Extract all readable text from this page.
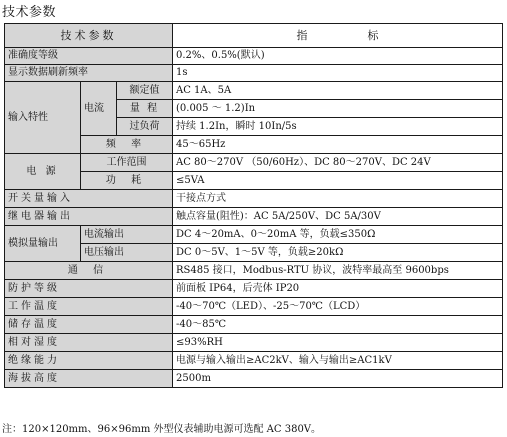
技术参数
技术参数			指 标
准确度等级			0.2%、0.5%(默认)
显示数据刷新频率			1s
输入特性	电流	额定值	AC 1A、5A
		量 程	(0.005 ～ 1.2)In
		过负荷	持续 1.2In，瞬时 10In/5s
	频 率		45～65Hz
电 源	工作范围		AC 80～270V （50/60Hz）、DC 80～270V、DC 24V
	功 耗		≤5VA
开关量输入			干接点方式
继电器输出			触点容量(阻性)：AC 5A/250V、DC 5A/30V
模拟量输出	电流输出		DC 4～20mA、0～20mA 等，负载≤350Ω
	电压输出		DC 0～5V、1～5V 等，负载≥20kΩ
通 信			RS485 接口，Modbus-RTU 协议，波特率最高至 9600bps
防护等级			前面板 IP64，后壳体 IP20
工作温度			-40～70℃（LED）、-25～70℃（LCD）
储存温度			-40～85℃
相对湿度			≤93%RH
绝缘能力			电源与输入输出≥AC2kV、输入与输出≥AC1kV
海拔高度			2500m
注：120×120mm、96×96mm 外型仪表辅助电源可选配 AC 380V。
